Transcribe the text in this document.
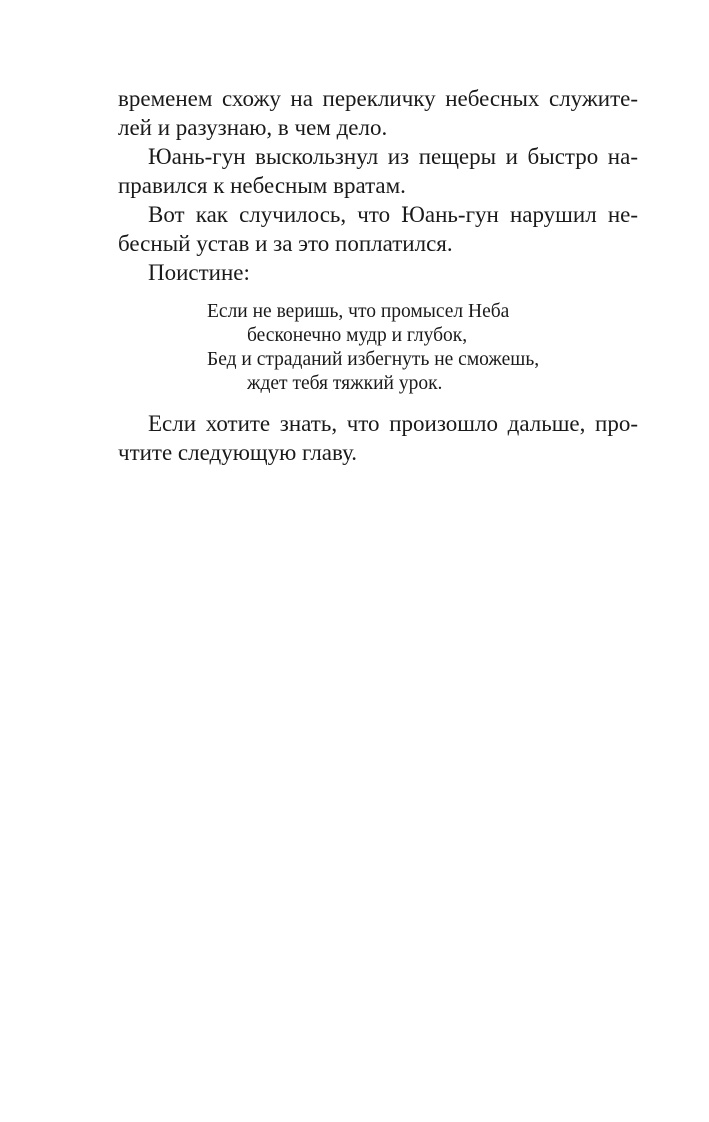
временем схожу на перекличку небесных служите-
лей и разузнаю, в чем дело.
Юань-гун выскользнул из пещеры и быстро на-
правился к небесным вратам.
Вот как случилось, что Юань-гун нарушил не-
бесный устав и за это поплатился.
Поистине:
Если не веришь, что промысел Неба
бесконечно мудр и глубок,
Бед и страданий избегнуть не сможешь,
ждет тебя тяжкий урок.
Если хотите знать, что произошло дальше, про-
чтите следующую главу.
